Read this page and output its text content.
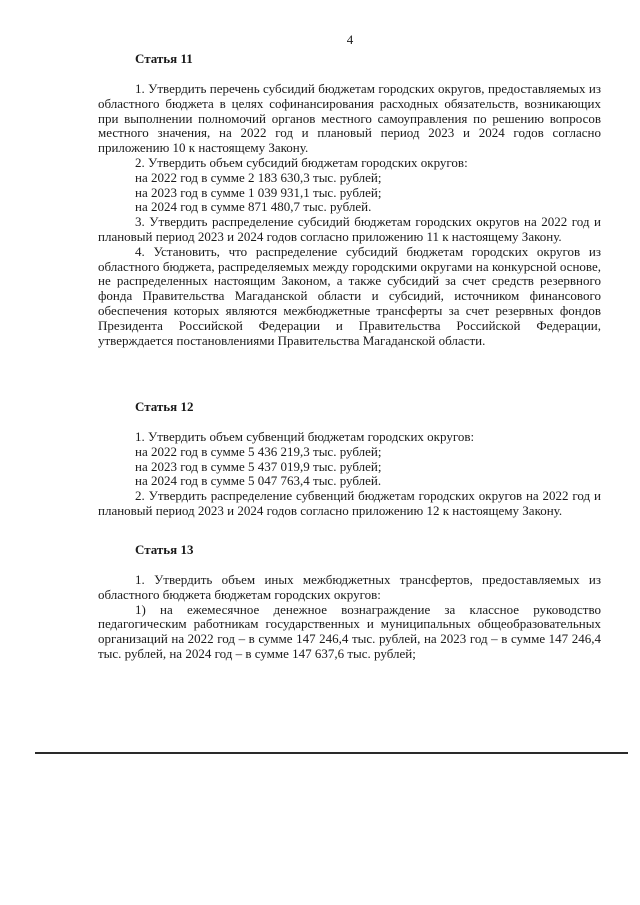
4
Статья 11

1. Утвердить перечень субсидий бюджетам городских округов, предоставляемых из областного бюджета в целях софинансирования расходных обязательств, возникающих при выполнении полномочий органов местного самоуправления по решению вопросов местного значения, на 2022 год и плановый период 2023 и 2024 годов согласно приложению 10 к настоящему Закону.

2. Утвердить объем субсидий бюджетам городских округов:

на 2022 год в сумме 2 183 630,3 тыс. рублей;
на 2023 год в сумме 1 039 931,1 тыс. рублей;
на 2024 год в сумме 871 480,7 тыс. рублей.

3. Утвердить распределение субсидий бюджетам городских округов на 2022 год и плановый период 2023 и 2024 годов согласно приложению 11 к настоящему Закону.

4. Установить, что распределение субсидий бюджетам городских округов из областного бюджета, распределяемых между городскими округами на конкурсной основе, не распределенных настоящим Законом, а также субсидий за счет средств резервного фонда Правительства Магаданской области и субсидий, источником финансового обеспечения которых являются межбюджетные трансферты за счет резервных фондов Президента Российской Федерации и Правительства Российской Федерации, утверждается постановлениями Правительства Магаданской области.

Статья 12

1. Утвердить объем субвенций бюджетам городских округов:

на 2022 год в сумме 5 436 219,3 тыс. рублей;
на 2023 год в сумме 5 437 019,9 тыс. рублей;
на 2024 год в сумме 5 047 763,4 тыс. рублей.

2. Утвердить распределение субвенций бюджетам городских округов на 2022 год и плановый период 2023 и 2024 годов согласно приложению 12 к настоящему Закону.

Статья 13

1. Утвердить объем иных межбюджетных трансфертов, предоставляемых из областного бюджета бюджетам городских округов:

1) на ежемесячное денежное вознаграждение за классное руководство педагогическим работникам государственных и муниципальных общеобразовательных организаций на 2022 год – в сумме 147 246,4 тыс. рублей, на 2023 год – в сумме 147 246,4 тыс. рублей, на 2024 год – в сумме 147 637,6 тыс. рублей;
